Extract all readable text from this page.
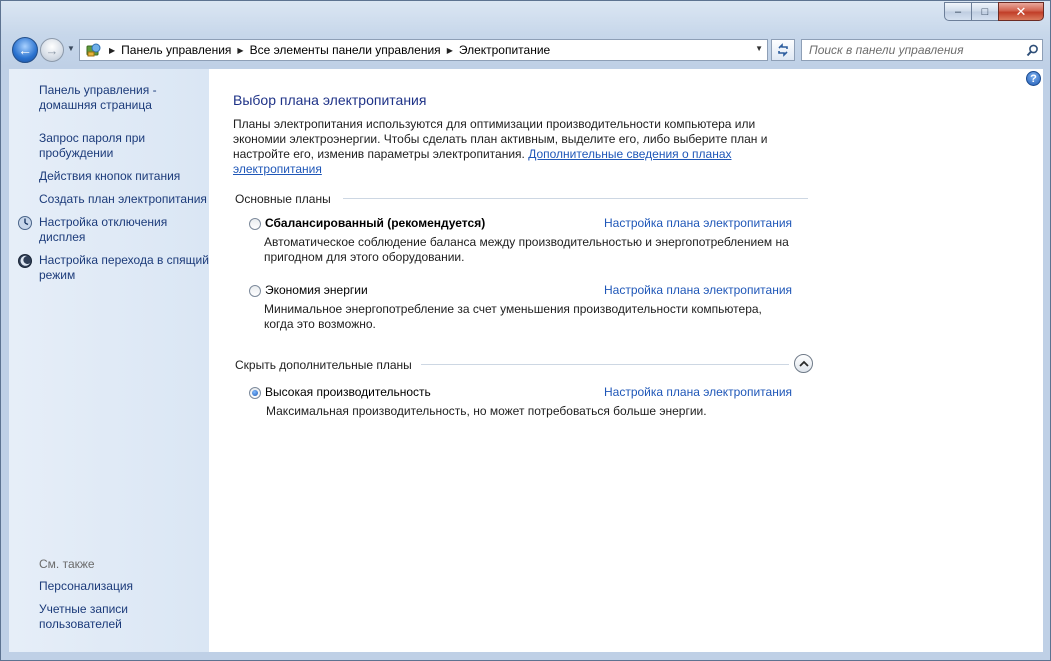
–	□	✕
← → ▼	▶ Панель управления ▶ Все элементы панели управления ▶ Электропитание	▼
Поиск в панели управления
Панель управления - домашняя страница
Запрос пароля при пробуждении
Действия кнопок питания
Создать план электропитания
Настройка отключения дисплея
Настройка перехода в спящий режим
См. также
Персонализация
Учетные записи пользователей
?
Выбор плана электропитания
Планы электропитания используются для оптимизации производительности компьютера или экономии электроэнергии. Чтобы сделать план активным, выделите его, либо выберите план и настройте его, изменив параметры электропитания. Дополнительные сведения о планах электропитания
Основные планы
Сбалансированный (рекомендуется)	Настройка плана электропитания
Автоматическое соблюдение баланса между производительностью и энергопотреблением на пригодном для этого оборудовании.
Экономия энергии	Настройка плана электропитания
Минимальное энергопотребление за счет уменьшения производительности компьютера, когда это возможно.
Скрыть дополнительные планы
Высокая производительность	Настройка плана электропитания
Максимальная производительность, но может потребоваться больше энергии.
